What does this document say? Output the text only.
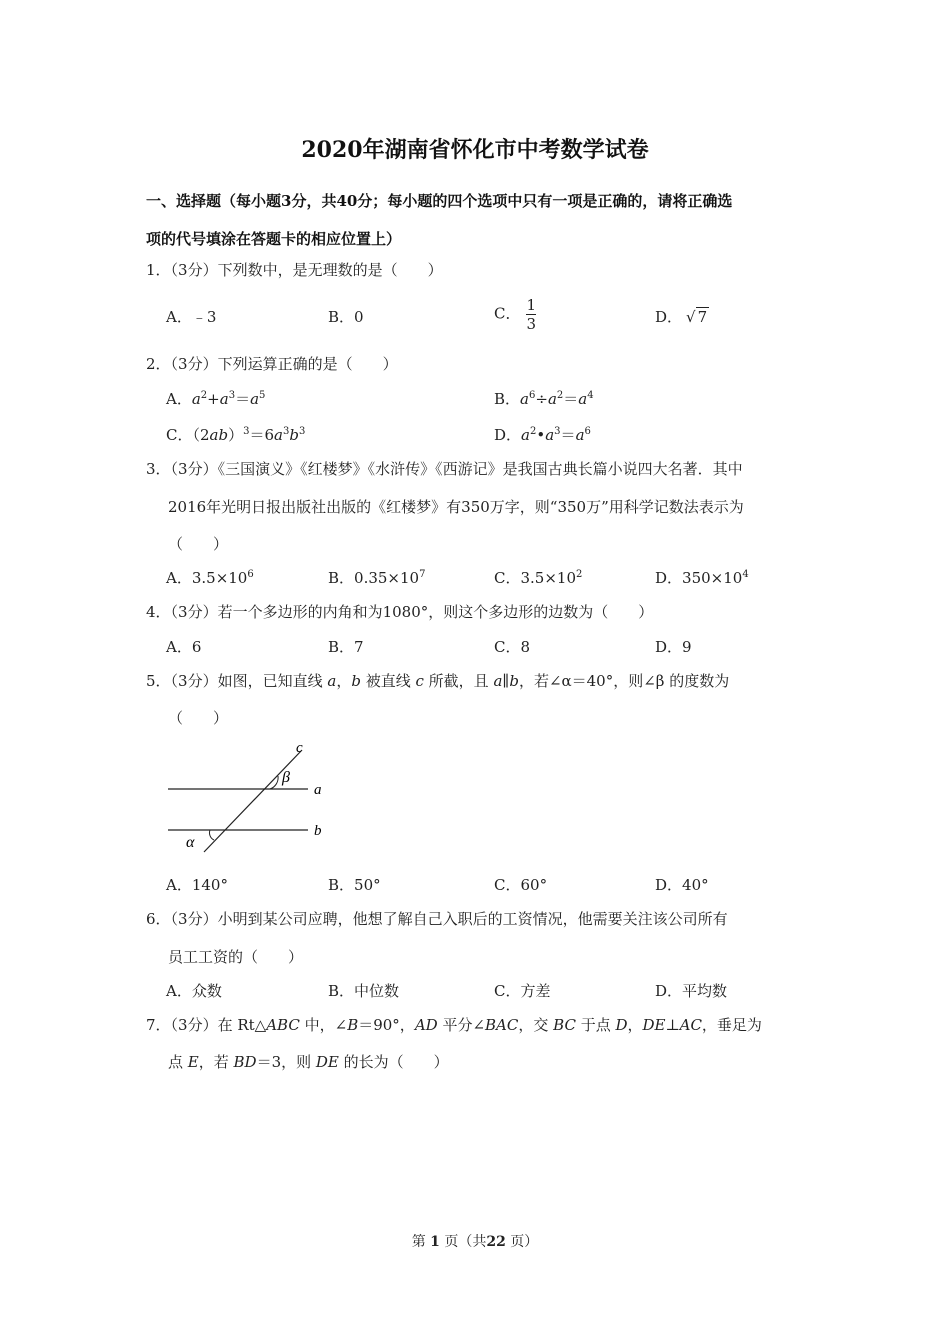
2020年湖南省怀化市中考数学试卷
一、选择题（每小题3分，共40分；每小题的四个选项中只有一项是正确的，请将正确选
项的代号填涂在答题卡的相应位置上）
1．（3分）下列数中，是无理数的是（　　）
A．﹣3	B．0	C． $\frac{1}{3}$	D． √ 7
2．（3分）下列运算正确的是（　　）
A．$a^2+a^3=a^5$	B．$a^6\div a^2=a^4$
C．$(2ab)^3=6a^3b^3$	D．$a^2•a^3=a^6$
3．（3分）《三国演义》《红楼梦》《水浒传》《西游记》是我国古典长篇小说四大名著．其中
2016年光明日报出版社出版的《红楼梦》有350万字，则“350万”用科学记数法表示为
（　　）
A．$3.5\times 10^6$	B．$0.35\times 10^7$	C．$3.5\times 10^2$	D．$350\times 10^4$
4．（3分）若一个多边形的内角和为1080°，则这个多边形的边数为（　　）
A．6	B．7	C．8	D．9
5．（3分）如图，已知直线 a，b 被直线 c 所截，且 a∥b，若∠α＝40°，则∠β 的度数为
（　　）
c
a
b
β
α
A．140°	B．50°	C．60°	D．40°
6．（3分）小明到某公司应聘，他想了解自己入职后的工资情况，他需要关注该公司所有
员工工资的（　　）
A．众数	B．中位数	C．方差	D．平均数
7．（3分）在 Rt△ABC 中，∠B＝90°，AD 平分∠BAC，交 BC 于点 D，DE⊥AC，垂足为
点 E，若 BD＝3，则 DE 的长为（　　）
第 1 页（共22 页）
